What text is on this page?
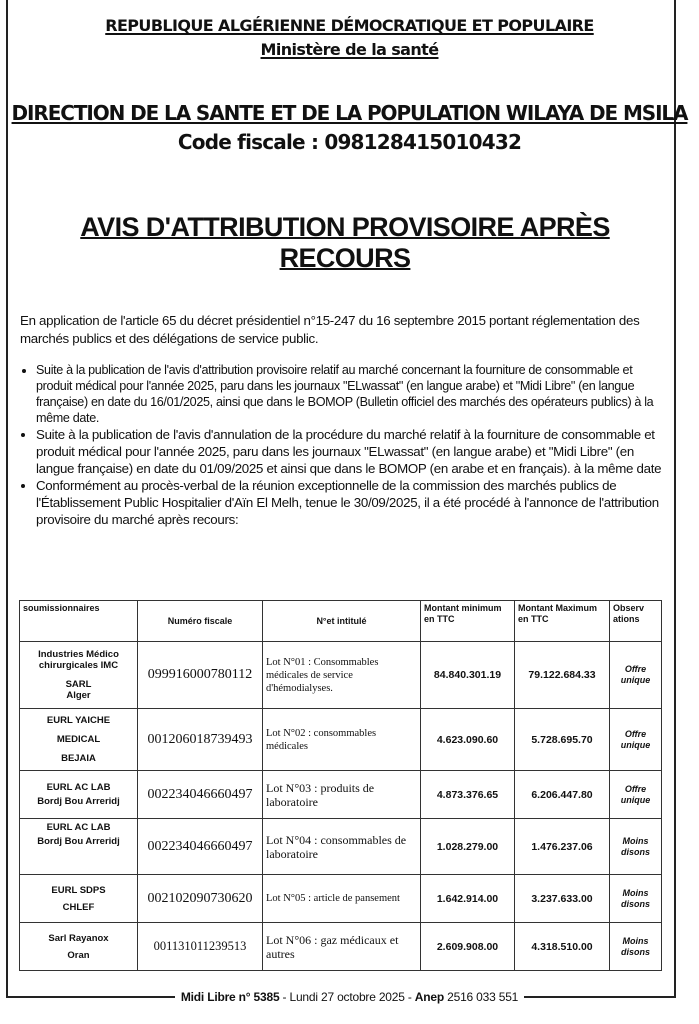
REPUBLIQUE ALGÉRIENNE DÉMOCRATIQUE ET POPULAIRE
Ministère de la santé
DIRECTION DE LA SANTE ET DE LA POPULATION WILAYA DE MSILA
Code fiscale : 098128415010432
AVIS D'ATTRIBUTION PROVISOIRE APRÈS RECOURS
En application de l'article 65 du décret présidentiel n°15-247 du 16 septembre 2015 portant réglementation des marchés publics et des délégations de service public.
• Suite à la publication de l'avis d'attribution provisoire relatif au marché concernant la fourniture de consommable et produit médical pour l'année 2025, paru dans les journaux "ELwassat" (en langue arabe) et "Midi Libre" (en langue française) en date du 16/01/2025, ainsi que dans le BOMOP (Bulletin officiel des marchés des opérateurs publics) à la même date.
• Suite à la publication de l'avis d'annulation de la procédure du marché relatif à la fourniture de consommable et produit médical pour l'année 2025, paru dans les journaux "ELwassat" (en langue arabe) et "Midi Libre" (en langue française) en date du 01/09/2025 et ainsi que dans le BOMOP (en arabe et en français). à la même date
• Conformément au procès-verbal de la réunion exceptionnelle de la commission des marchés publics de l'Établissement Public Hospitalier d'Aïn El Melh, tenue le 30/09/2025, il a été procédé à l'annonce de l'attribution provisoire du marché après recours:
soumissionnaires	Numéro fiscale	N°et intitulé	Montant minimum en TTC	Montant Maximum en TTC	Observ ations

Industries Médico chirurgicales IMC
SARL
Alger	099916000780112	Lot N°01 : Consommables médicales de service d'hémodialyses.	84.840.301.19	79.122.684.33	Offre unique

EURL YAICHE
MEDICAL
BEJAIA	001206018739493	Lot N°02 : consommables médicales	4.623.090.60	5.728.695.70	Offre unique

EURL AC LAB
Bordj Bou Arreridj	002234046660497	Lot N°03 : produits de laboratoire	4.873.376.65	6.206.447.80	Offre unique

EURL AC LAB
Bordj Bou Arreridj	002234046660497	Lot N°04 : consommables de laboratoire	1.028.279.00	1.476.237.06	Moins disons

EURL SDPS
CHLEF	002102090730620	Lot N°05 : article de pansement	1.642.914.00	3.237.633.00	Moins disons

Sarl Rayanox
Oran	001131011239513	Lot N°06 : gaz médicaux et autres	2.609.908.00	4.318.510.00	Moins disons
Midi Libre n° 5385 - Lundi 27 octobre 2025 - Anep 2516 033 551
